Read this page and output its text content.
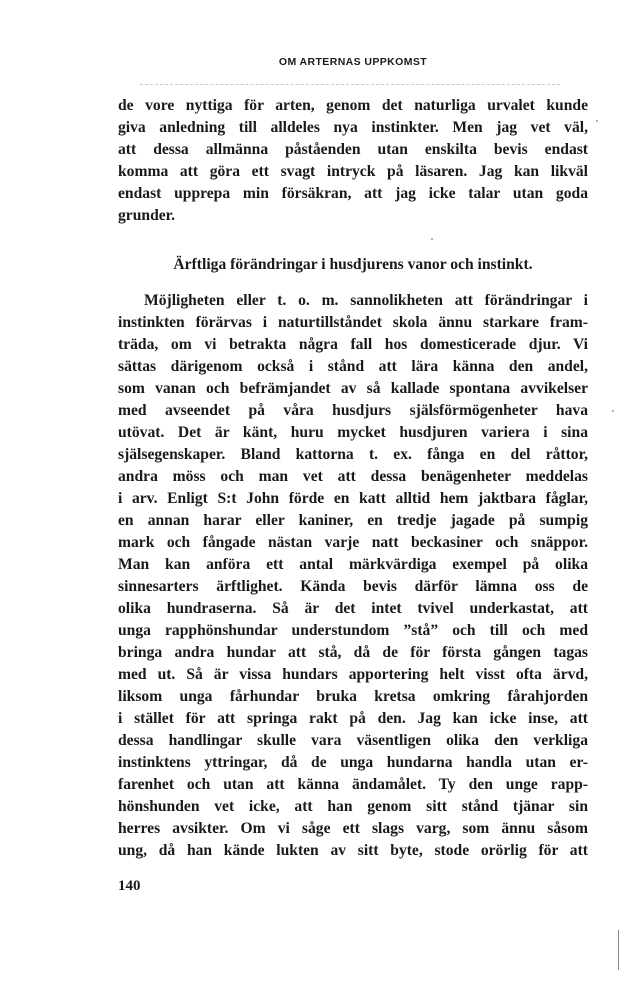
OM ARTERNAS UPPKOMST
de vore nyttiga för arten, genom det naturliga urvalet kunde
giva anledning till alldeles nya instinkter. Men jag vet väl,
att dessa allmänna påståenden utan enskilta bevis endast
komma att göra ett svagt intryck på läsaren. Jag kan likväl
endast upprepa min försäkran, att jag icke talar utan goda
grunder.
Ärftliga förändringar i husdjurens vanor och instinkt.
Möjligheten eller t. o. m. sannolikheten att förändringar i
instinkten förärvas i naturtillståndet skola ännu starkare fram-
träda, om vi betrakta några fall hos domesticerade djur. Vi
sättas därigenom också i stånd att lära känna den andel,
som vanan och befrämjandet av så kallade spontana avvikelser
med avseendet på våra husdjurs själsförmögenheter hava
utövat. Det är känt, huru mycket husdjuren variera i sina
själsegenskaper. Bland kattorna t. ex. fånga en del råttor,
andra möss och man vet att dessa benägenheter meddelas
i arv. Enligt S:t John förde en katt alltid hem jaktbara fåglar,
en annan harar eller kaniner, en tredje jagade på sumpig
mark och fångade nästan varje natt beckasiner och snäppor.
Man kan anföra ett antal märkvärdiga exempel på olika
sinnesarters ärftlighet. Kända bevis därför lämna oss de
olika hundraserna. Så är det intet tvivel underkastat, att
unga rapphönshundar understundom ”stå” och till och med
bringa andra hundar att stå, då de för första gången tagas
med ut. Så är vissa hundars apportering helt visst ofta ärvd,
liksom unga fårhundar bruka kretsa omkring fårahjorden
i stället för att springa rakt på den. Jag kan icke inse, att
dessa handlingar skulle vara väsentligen olika den verkliga
instinktens yttringar, då de unga hundarna handla utan er-
farenhet och utan att känna ändamålet. Ty den unge rapp-
hönshunden vet icke, att han genom sitt stånd tjänar sin
herres avsikter. Om vi såge ett slags varg, som ännu såsom
ung, då han kände lukten av sitt byte, stode orörlig för att
140
